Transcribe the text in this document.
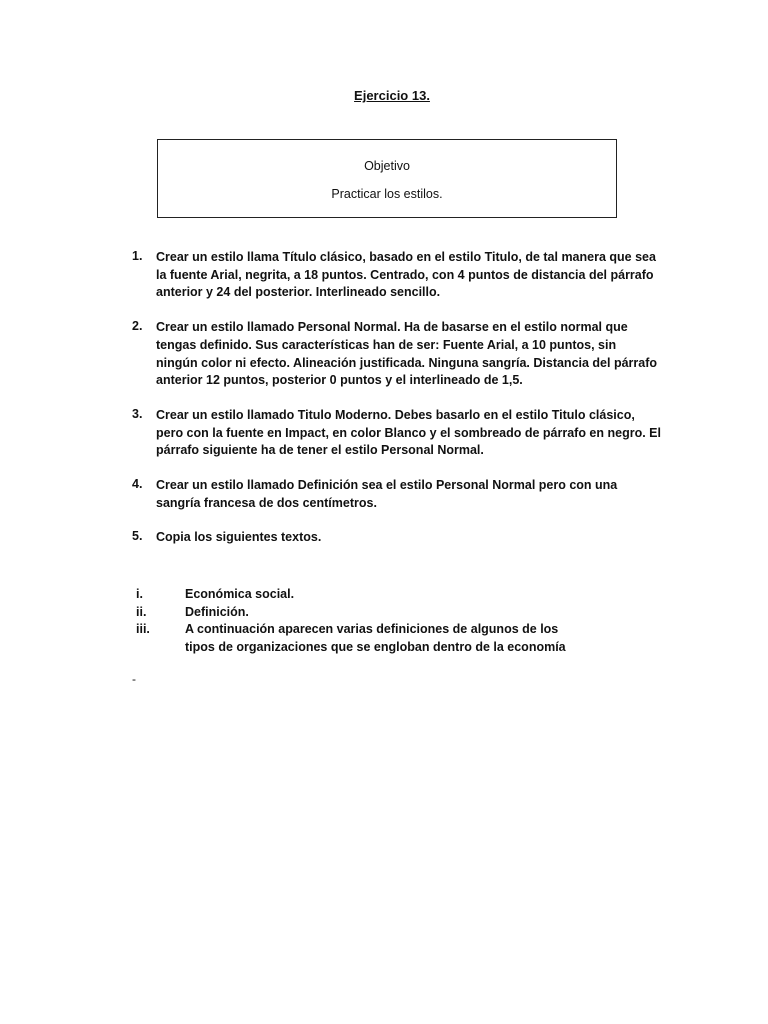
Ejercicio 13.
Objetivo
Practicar los estilos.
1.	Crear un estilo llama Título clásico, basado en el estilo Titulo, de tal manera que sea la fuente Arial, negrita, a 18 puntos. Centrado, con 4 puntos de distancia del párrafo anterior y 24 del posterior. Interlineado sencillo.
2.	Crear un estilo llamado Personal Normal. Ha de basarse en el estilo normal que tengas definido. Sus características han de ser: Fuente Arial, a 10 puntos, sin ningún color ni efecto. Alineación justificada. Ninguna sangría. Distancia del párrafo anterior 12 puntos, posterior 0 puntos y el interlineado de 1,5.
3.	Crear un estilo llamado Titulo Moderno. Debes basarlo en el estilo Titulo clásico, pero con la fuente en Impact, en color Blanco y el sombreado de párrafo en negro. El párrafo siguiente ha de tener el estilo Personal Normal.
4.	Crear un estilo llamado Definición sea el estilo Personal Normal pero con una sangría francesa de dos centímetros.
5.	Copia los siguientes textos.
i.	Económica social.
ii.	Definición.
iii.	A continuación aparecen varias definiciones de algunos de los tipos de organizaciones que se engloban dentro de la economía
-
